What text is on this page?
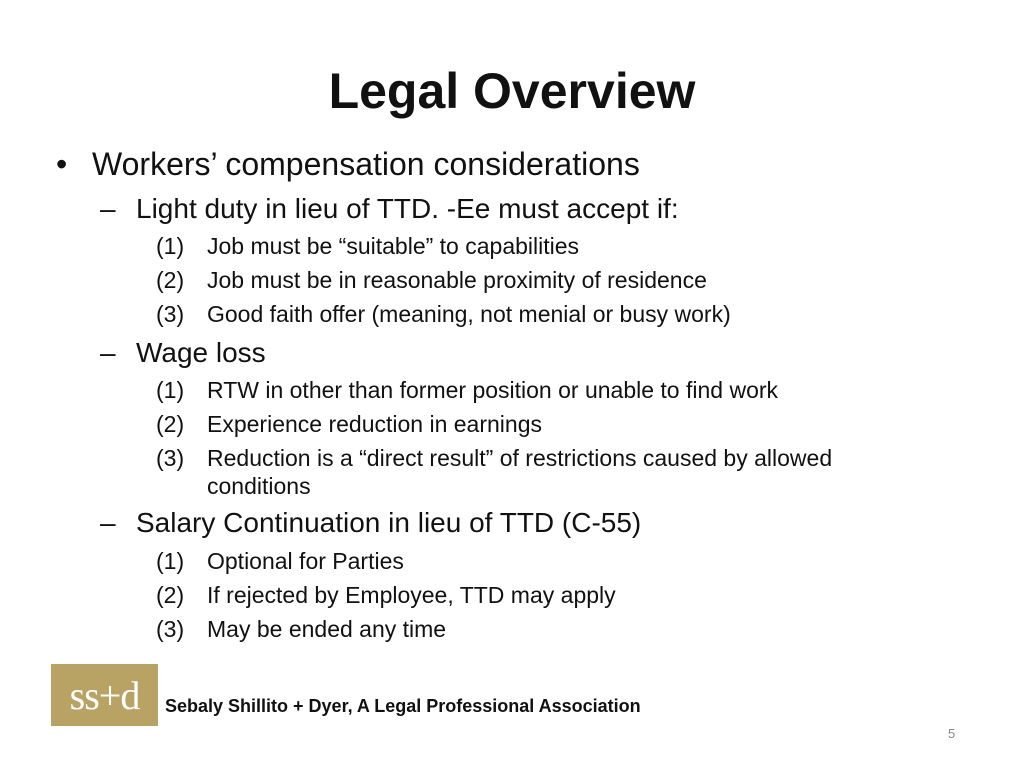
Legal Overview
• Workers’ compensation considerations
– Light duty in lieu of TTD. -Ee must accept if:
(1) Job must be “suitable” to capabilities
(2) Job must be in reasonable proximity of residence
(3) Good faith offer (meaning, not menial or busy work)
– Wage loss
(1) RTW in other than former position or unable to find work
(2) Experience reduction in earnings
(3) Reduction is a “direct result” of restrictions caused by allowed
conditions
– Salary Continuation in lieu of TTD (C-55)
(1) Optional for Parties
(2) If rejected by Employee, TTD may apply
(3) May be ended any time
ss+d	Sebaly Shillito + Dyer, A Legal Professional Association
5
